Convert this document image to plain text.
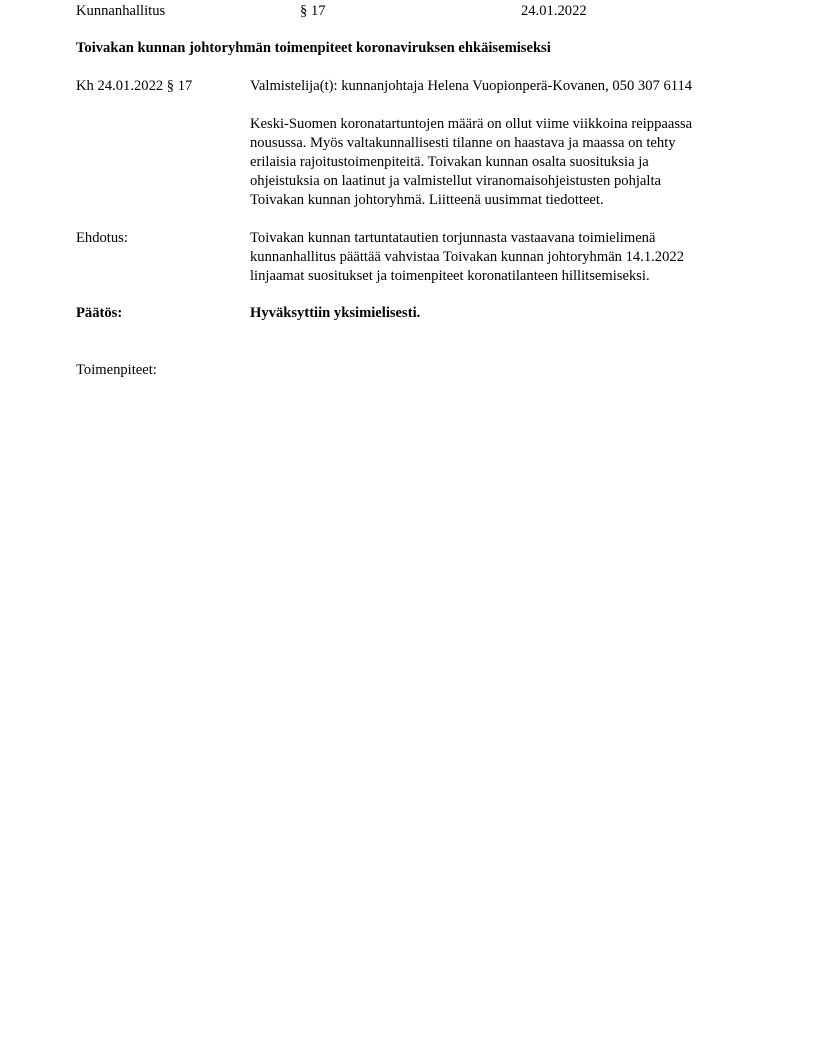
Kunnanhallitus	§ 17	24.01.2022
Toivakan kunnan johtoryhmän toimenpiteet koronaviruksen ehkäisemiseksi
Kh 24.01.2022 § 17	Valmistelija(t): kunnanjohtaja Helena Vuopionperä-Kovanen, 050 307 6114
Keski-Suomen koronatartuntojen määrä on ollut viime viikkoina reippaassa
nousussa. Myös valtakunnallisesti tilanne on haastava ja maassa on tehty
erilaisia rajoitustoimenpiteitä. Toivakan kunnan osalta suosituksia ja
ohjeistuksia on laatinut ja valmistellut viranomaisohjeistusten pohjalta
Toivakan kunnan johtoryhmä. Liitteenä uusimmat tiedotteet.
Ehdotus:	Toivakan kunnan tartuntatautien torjunnasta vastaavana toimielimenä
kunnanhallitus päättää vahvistaa Toivakan kunnan johtoryhmän 14.1.2022
linjaamat suositukset ja toimenpiteet koronatilanteen hillitsemiseksi.
Päätös:	Hyväksyttiin yksimielisesti.
Toimenpiteet:
